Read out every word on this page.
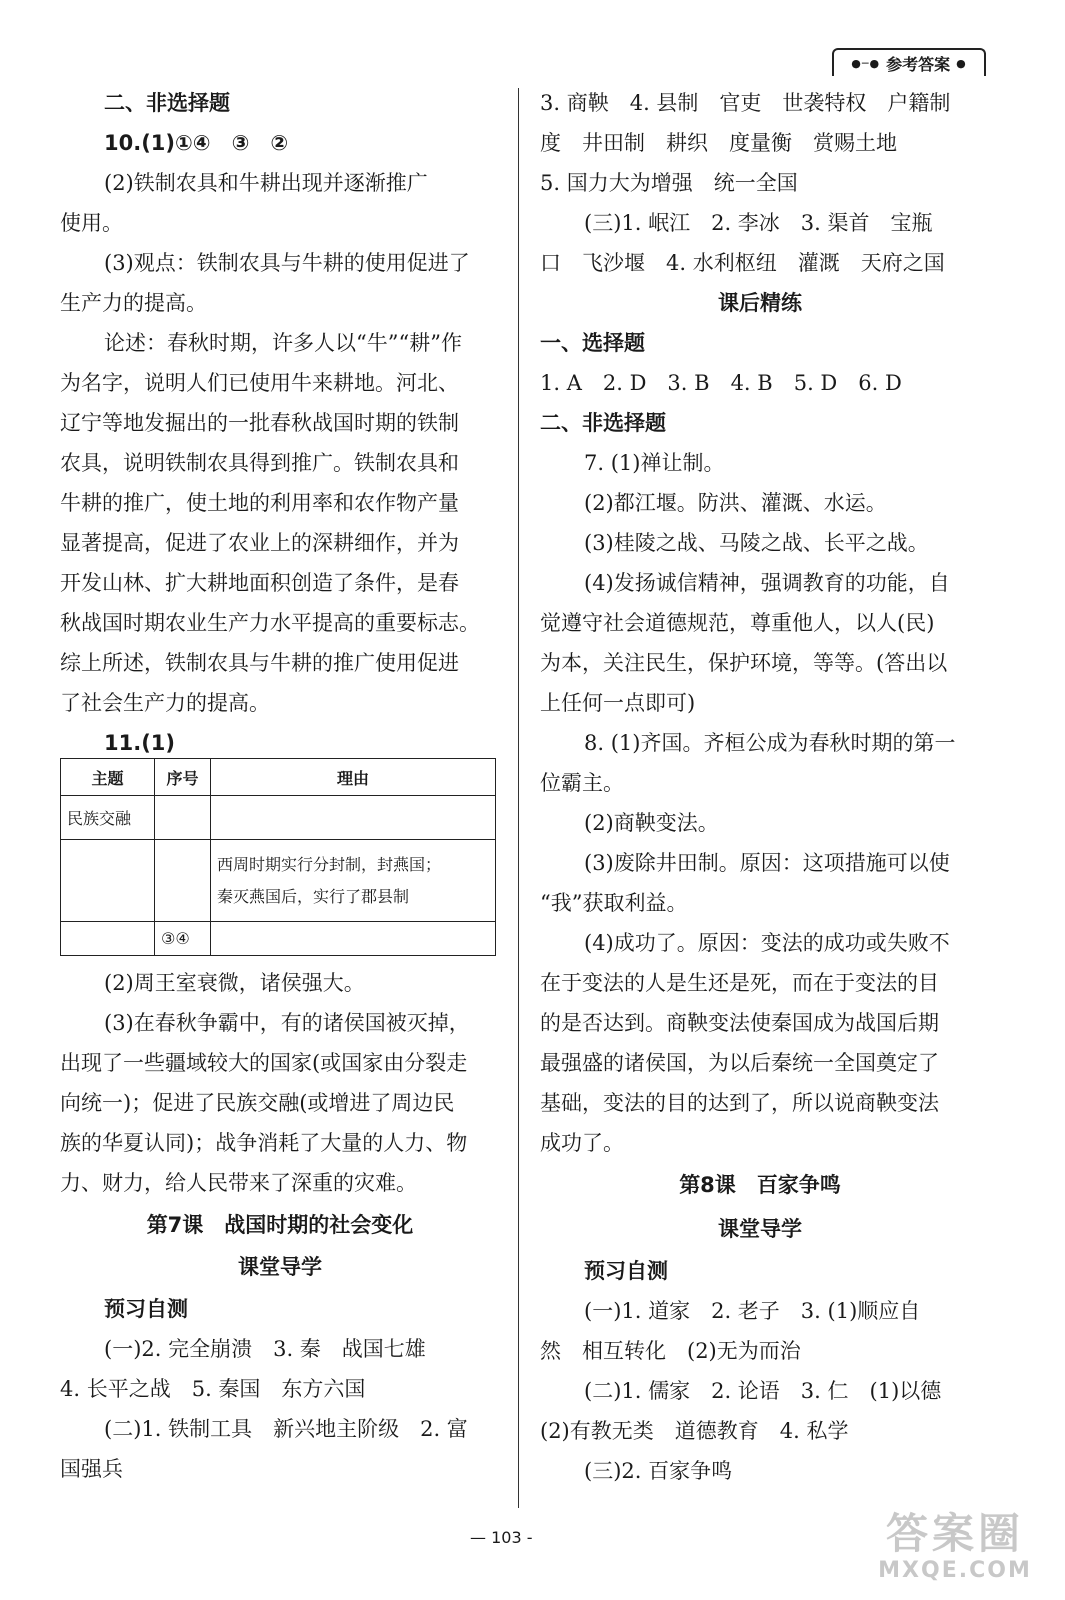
●─● 参考答案 ●
二、非选择题
10.(1)①④　③　②
(2)铁制农具和牛耕出现并逐渐推广
使用。
(3)观点：铁制农具与牛耕的使用促进了
生产力的提高。
论述：春秋时期，许多人以“牛”“耕”作
为名字，说明人们已使用牛来耕地。河北、
辽宁等地发掘出的一批春秋战国时期的铁制
农具，说明铁制农具得到推广。铁制农具和
牛耕的推广，使土地的利用率和农作物产量
显著提高，促进了农业上的深耕细作，并为
开发山林、扩大耕地面积创造了条件，是春
秋战国时期农业生产力水平提高的重要标志。
综上所述，铁制农具与牛耕的推广使用促进
了社会生产力的提高。
11.(1)
主题	序号	理由
民族交融		
		西周时期实行分封制，封燕国；
秦灭燕国后，实行了郡县制
	③④	
(2)周王室衰微，诸侯强大。
(3)在春秋争霸中，有的诸侯国被灭掉，
出现了一些疆域较大的国家(或国家由分裂走
向统一)；促进了民族交融(或增进了周边民
族的华夏认同)；战争消耗了大量的人力、物
力、财力，给人民带来了深重的灾难。
第7课　战国时期的社会变化
课堂导学
预习自测
(一)2. 完全崩溃　3. 秦　战国七雄
4. 长平之战　5. 秦国　东方六国
(二)1. 铁制工具　新兴地主阶级　2. 富
国强兵
3. 商鞅　4. 县制　官吏　世袭特权　户籍制
度　井田制　耕织　度量衡　赏赐土地
5. 国力大为增强　统一全国
(三)1. 岷江　2. 李冰　3. 渠首　宝瓶
口　飞沙堰　4. 水利枢纽　灌溉　天府之国
课后精练
一、选择题
1. A　2. D　3. B　4. B　5. D　6. D
二、非选择题
7. (1)禅让制。
(2)都江堰。防洪、灌溉、水运。
(3)桂陵之战、马陵之战、长平之战。
(4)发扬诚信精神，强调教育的功能，自
觉遵守社会道德规范，尊重他人，以人(民)
为本，关注民生，保护环境，等等。(答出以
上任何一点即可)
8. (1)齐国。齐桓公成为春秋时期的第一
位霸主。
(2)商鞅变法。
(3)废除井田制。原因：这项措施可以使
“我”获取利益。
(4)成功了。原因：变法的成功或失败不
在于变法的人是生还是死，而在于变法的目
的是否达到。商鞅变法使秦国成为战国后期
最强盛的诸侯国，为以后秦统一全国奠定了
基础，变法的目的达到了，所以说商鞅变法
成功了。
第8课　百家争鸣
课堂导学
预习自测
(一)1. 道家　2. 老子　3. (1)顺应自
然　相互转化　(2)无为而治
(二)1. 儒家　2. 论语　3. 仁　(1)以德
(2)有教无类　道德教育　4. 私学
(三)2. 百家争鸣
— 103 -	答案圈
MXQE.COM
